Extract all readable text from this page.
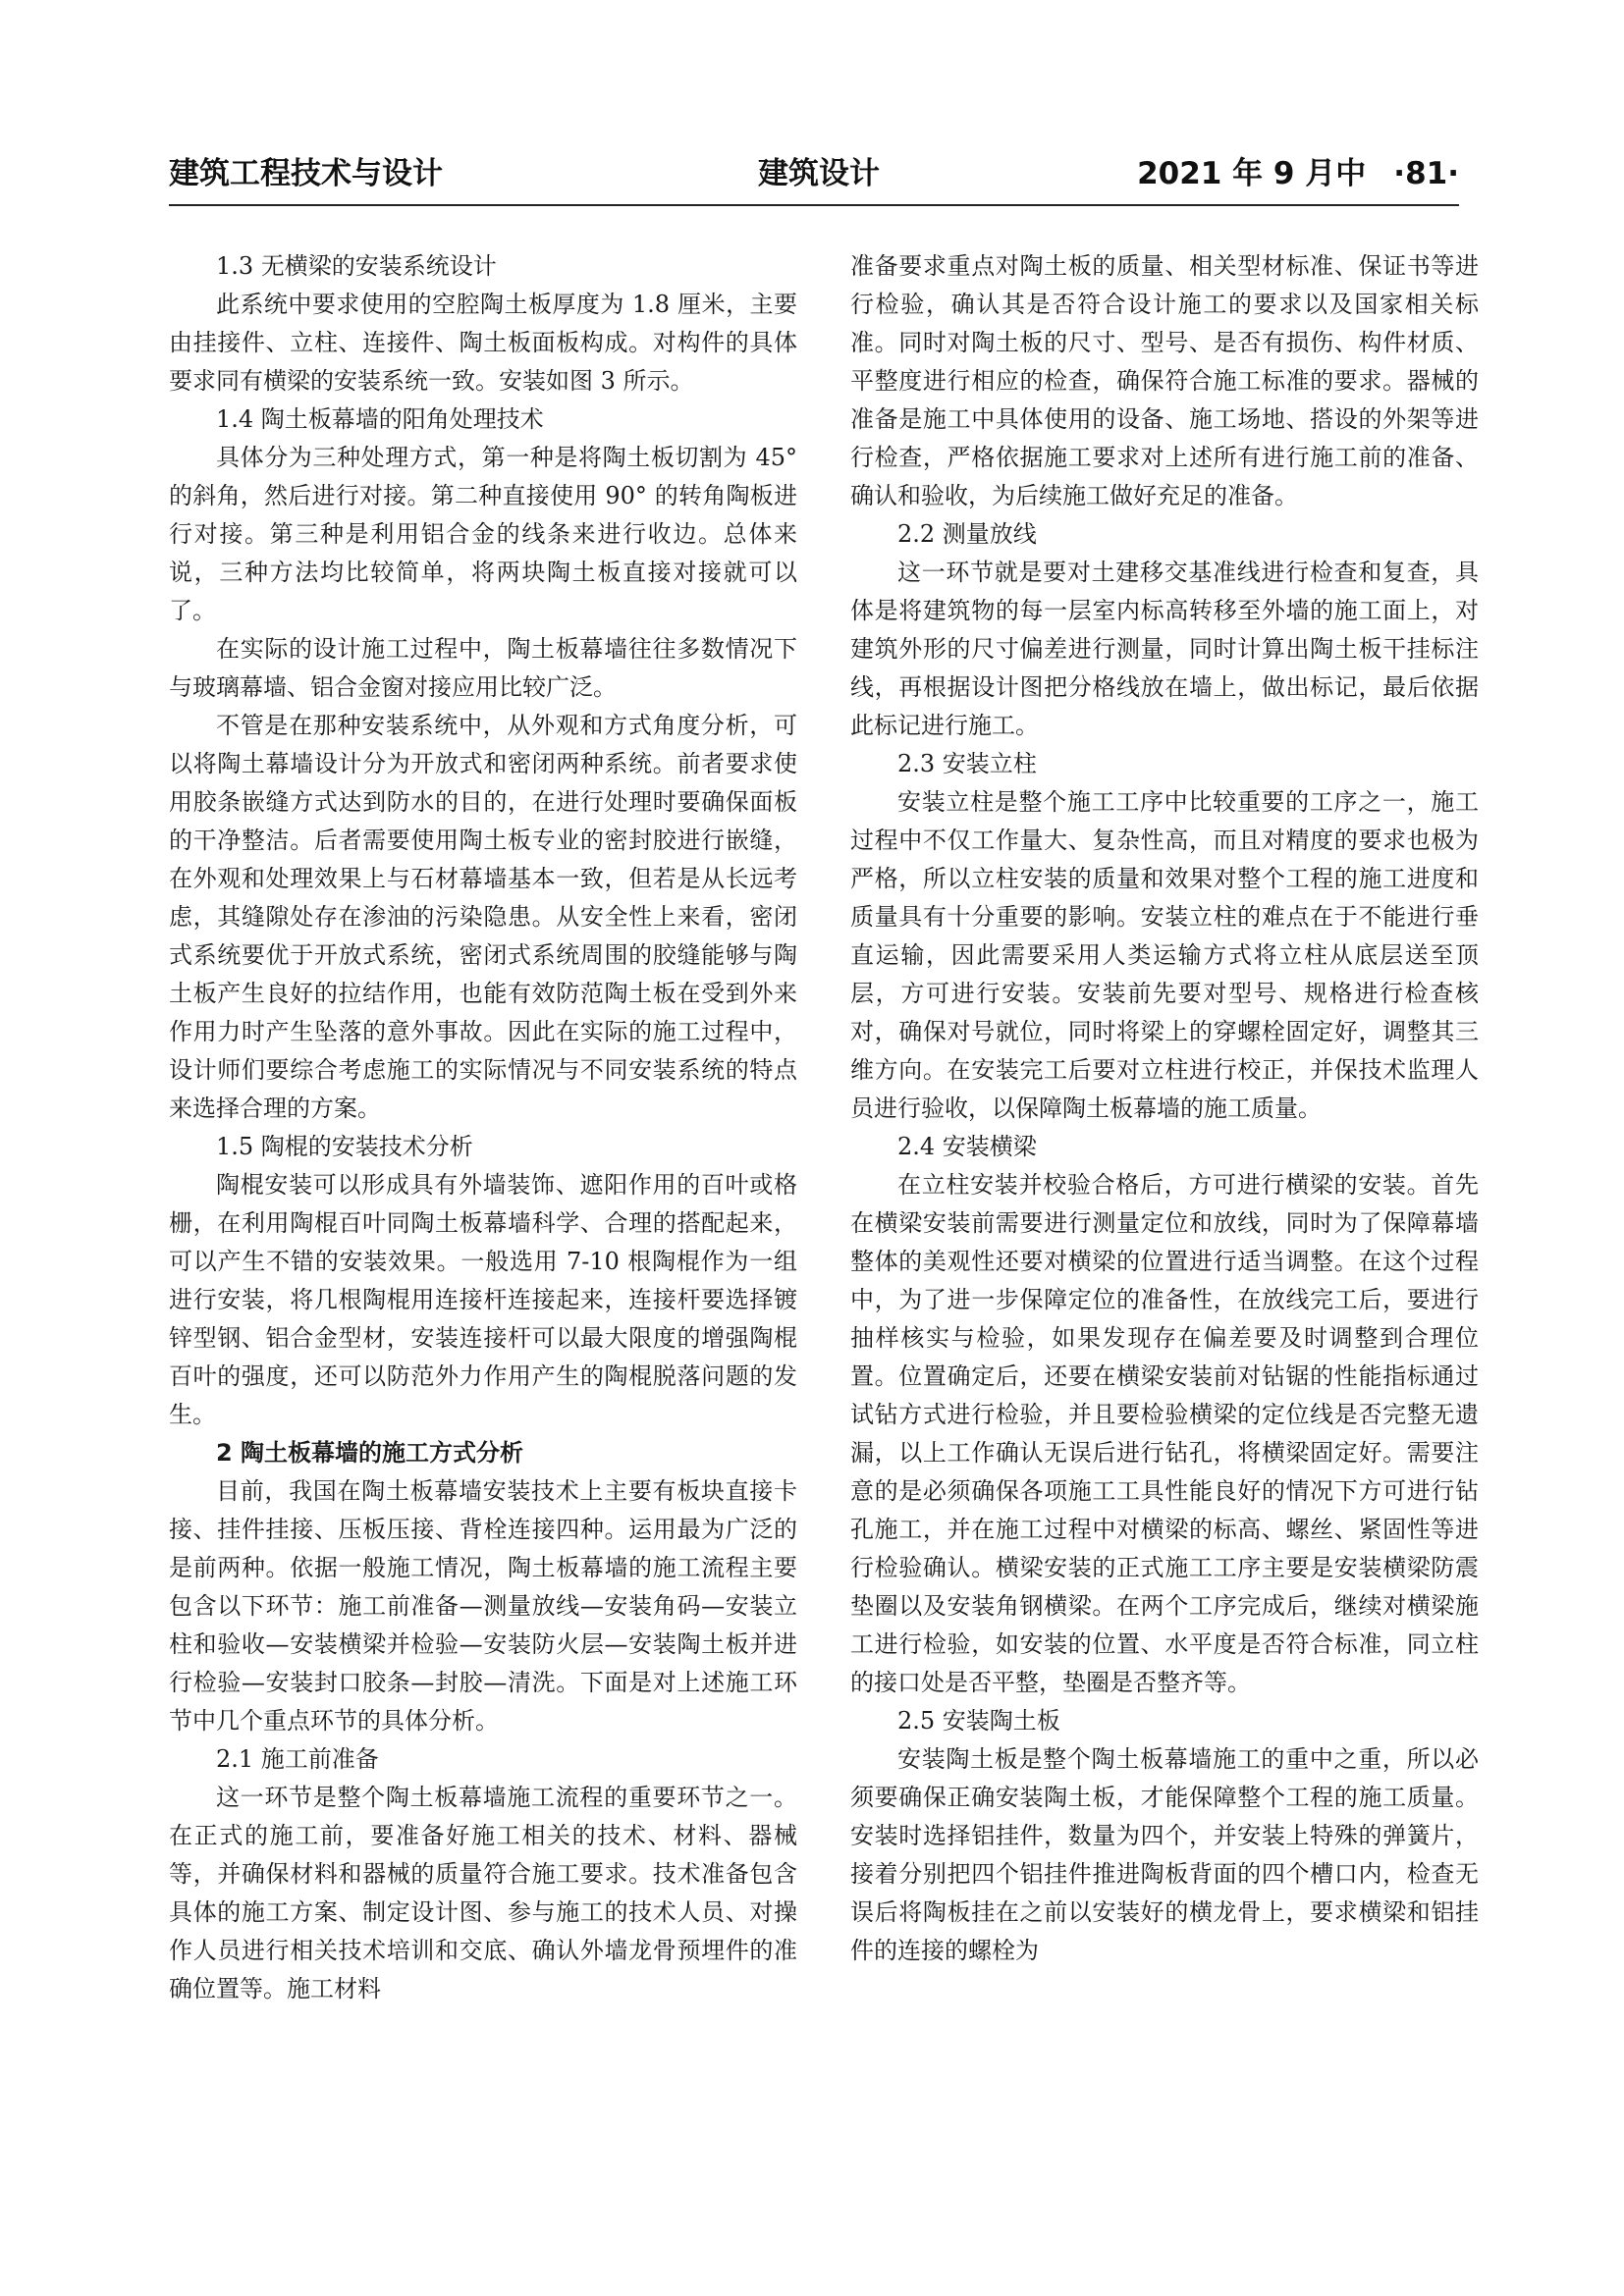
建筑工程技术与设计	建筑设计	2021 年 9 月中 ·81·

1.3 无横梁的安装系统设计

此系统中要求使用的空腔陶土板厚度为 1.8 厘米，主要由挂接件、立柱、连接件、陶土板面板构成。对构件的具体要求同有横梁的安装系统一致。安装如图 3 所示。

1.4 陶土板幕墙的阳角处理技术

具体分为三种处理方式，第一种是将陶土板切割为 45° 的斜角，然后进行对接。第二种直接使用 90° 的转角陶板进行对接。第三种是利用铝合金的线条来进行收边。总体来说，三种方法均比较简单，将两块陶土板直接对接就可以了。

在实际的设计施工过程中，陶土板幕墙往往多数情况下与玻璃幕墙、铝合金窗对接应用比较广泛。

不管是在那种安装系统中，从外观和方式角度分析，可以将陶土幕墙设计分为开放式和密闭两种系统。前者要求使用胶条嵌缝方式达到防水的目的，在进行处理时要确保面板的干净整洁。后者需要使用陶土板专业的密封胶进行嵌缝，在外观和处理效果上与石材幕墙基本一致，但若是从长远考虑，其缝隙处存在渗油的污染隐患。从安全性上来看，密闭式系统要优于开放式系统，密闭式系统周围的胶缝能够与陶土板产生良好的拉结作用，也能有效防范陶土板在受到外来作用力时产生坠落的意外事故。因此在实际的施工过程中，设计师们要综合考虑施工的实际情况与不同安装系统的特点来选择合理的方案。

1.5 陶棍的安装技术分析

陶棍安装可以形成具有外墙装饰、遮阳作用的百叶或格栅，在利用陶棍百叶同陶土板幕墙科学、合理的搭配起来，可以产生不错的安装效果。一般选用 7-10 根陶棍作为一组进行安装，将几根陶棍用连接杆连接起来，连接杆要选择镀锌型钢、铝合金型材，安装连接杆可以最大限度的增强陶棍百叶的强度，还可以防范外力作用产生的陶棍脱落问题的发生。

2 陶土板幕墙的施工方式分析

目前，我国在陶土板幕墙安装技术上主要有板块直接卡接、挂件挂接、压板压接、背栓连接四种。运用最为广泛的是前两种。依据一般施工情况，陶土板幕墙的施工流程主要包含以下环节：施工前准备—测量放线—安装角码—安装立柱和验收—安装横梁并检验—安装防火层—安装陶土板并进行检验—安装封口胶条—封胶—清洗。下面是对上述施工环节中几个重点环节的具体分析。

2.1 施工前准备

这一环节是整个陶土板幕墙施工流程的重要环节之一。在正式的施工前，要准备好施工相关的技术、材料、器械等，并确保材料和器械的质量符合施工要求。技术准备包含具体的施工方案、制定设计图、参与施工的技术人员、对操作人员进行相关技术培训和交底、确认外墙龙骨预埋件的准确位置等。施工材料

准备要求重点对陶土板的质量、相关型材标准、保证书等进行检验，确认其是否符合设计施工的要求以及国家相关标准。同时对陶土板的尺寸、型号、是否有损伤、构件材质、平整度进行相应的检查，确保符合施工标准的要求。器械的准备是施工中具体使用的设备、施工场地、搭设的外架等进行检查，严格依据施工要求对上述所有进行施工前的准备、确认和验收，为后续施工做好充足的准备。

2.2 测量放线

这一环节就是要对土建移交基准线进行检查和复查，具体是将建筑物的每一层室内标高转移至外墙的施工面上，对建筑外形的尺寸偏差进行测量，同时计算出陶土板干挂标注线，再根据设计图把分格线放在墙上，做出标记，最后依据此标记进行施工。

2.3 安装立柱

安装立柱是整个施工工序中比较重要的工序之一，施工过程中不仅工作量大、复杂性高，而且对精度的要求也极为严格，所以立柱安装的质量和效果对整个工程的施工进度和质量具有十分重要的影响。安装立柱的难点在于不能进行垂直运输，因此需要采用人类运输方式将立柱从底层送至顶层，方可进行安装。安装前先要对型号、规格进行检查核对，确保对号就位，同时将梁上的穿螺栓固定好，调整其三维方向。在安装完工后要对立柱进行校正，并保技术监理人员进行验收，以保障陶土板幕墙的施工质量。

2.4 安装横梁

在立柱安装并校验合格后，方可进行横梁的安装。首先在横梁安装前需要进行测量定位和放线，同时为了保障幕墙整体的美观性还要对横梁的位置进行适当调整。在这个过程中，为了进一步保障定位的准备性，在放线完工后，要进行抽样核实与检验，如果发现存在偏差要及时调整到合理位置。位置确定后，还要在横梁安装前对钻锯的性能指标通过试钻方式进行检验，并且要检验横梁的定位线是否完整无遗漏，以上工作确认无误后进行钻孔，将横梁固定好。需要注意的是必须确保各项施工工具性能良好的情况下方可进行钻孔施工，并在施工过程中对横梁的标高、螺丝、紧固性等进行检验确认。横梁安装的正式施工工序主要是安装横梁防震垫圈以及安装角钢横梁。在两个工序完成后，继续对横梁施工进行检验，如安装的位置、水平度是否符合标准，同立柱的接口处是否平整，垫圈是否整齐等。

2.5 安装陶土板

安装陶土板是整个陶土板幕墙施工的重中之重，所以必须要确保正确安装陶土板，才能保障整个工程的施工质量。安装时选择铝挂件，数量为四个，并安装上特殊的弹簧片，接着分别把四个铝挂件推进陶板背面的四个槽口内，检查无误后将陶板挂在之前以安装好的横龙骨上，要求横梁和铝挂件的连接的螺栓为
